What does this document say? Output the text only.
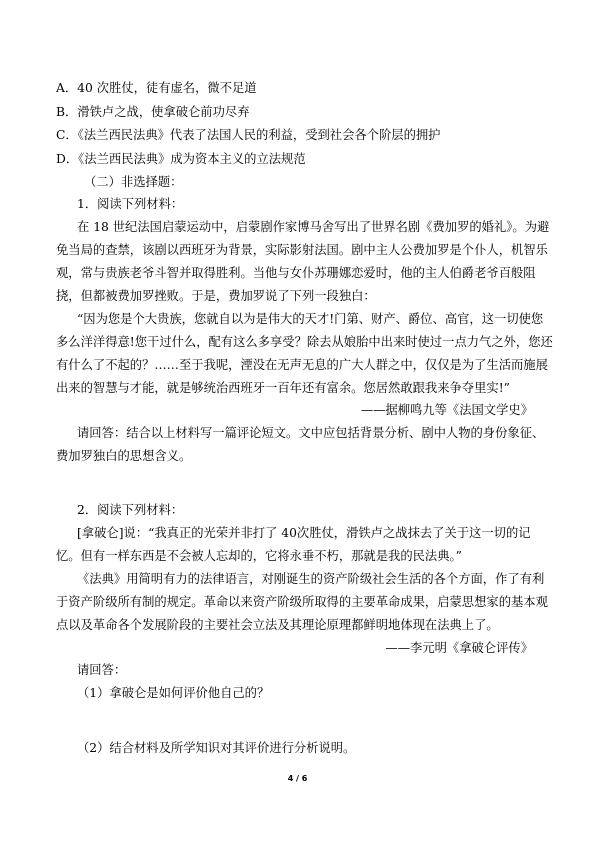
A．40 次胜仗，徒有虚名，微不足道
B．滑铁卢之战，使拿破仑前功尽弃
C．《法兰西民法典》代表了法国人民的利益，受到社会各个阶层的拥护
D．《法兰西民法典》成为资本主义的立法规范
（二）非选择题：
1．阅读下列材料：
在 18 世纪法国启蒙运动中，启蒙剧作家博马舍写出了世界名剧《费加罗的婚礼》。为避
免当局的查禁，该剧以西班牙为背景，实际影射法国。剧中主人公费加罗是个仆人，机智乐
观，常与贵族老爷斗智并取得胜利。当他与女仆苏珊娜恋爱时，他的主人伯爵老爷百般阻
挠，但都被费加罗挫败。于是，费加罗说了下列一段独白：
“因为您是个大贵族，您就自以为是伟大的天才!门第、财产、爵位、高官，这一切使您
多么洋洋得意!您干过什么，配有这么多享受？除去从娘胎中出来时使过一点力气之外，您还
有什么了不起的？……至于我呢，湮没在无声无息的广大人群之中，仅仅是为了生活而施展
出来的智慧与才能，就是够统治西班牙一百年还有富余。您居然敢跟我来争夺里实!”
——据柳鸣九等《法国文学史》
请回答：结合以上材料写一篇评论短文。文中应包括背景分析、剧中人物的身份象征、
费加罗独白的思想含义。
2．阅读下列材料：
[拿破仑]说：“我真正的光荣并非打了 40次胜仗，滑铁卢之战抹去了关于这一切的记
忆。但有一样东西是不会被人忘却的，它将永垂不朽，那就是我的民法典。”
《法典》用简明有力的法律语言，对刚诞生的资产阶级社会生活的各个方面，作了有利
于资产阶级所有制的规定。革命以来资产阶级所取得的主要革命成果，启蒙思想家的基本观
点以及革命各个发展阶段的主要社会立法及其理论原理都鲜明地体现在法典上了。
——李元明《拿破仑评传》
请回答：
（1）拿破仑是如何评价他自己的？
（2）结合材料及所学知识对其评价进行分析说明。
4 / 6
